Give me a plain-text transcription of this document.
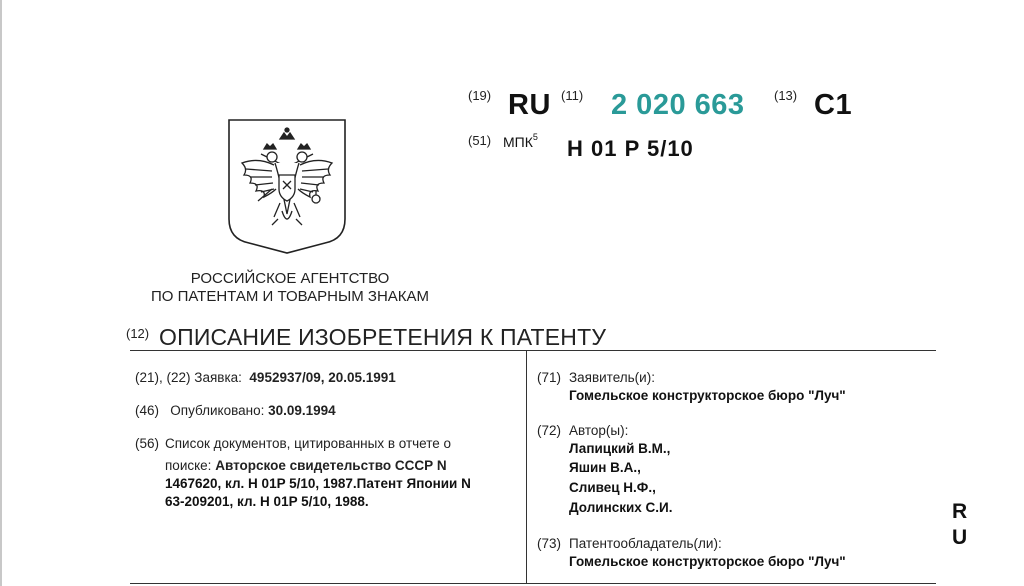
(19) RU (11) 2 020 663 (13) C1
(51) МПК$^5$ H 01 P 5/10
РОССИЙСКОЕ АГЕНТСТВО
ПО ПАТЕНТАМ И ТОВАРНЫМ ЗНАКАМ
(12) ОПИСАНИЕ ИЗОБРЕТЕНИЯ К ПАТЕНТУ
(21), (22) Заявка: 4952937/09, 20.05.1991
(46) Опубликовано: 30.09.1994
(56) Список документов, цитированных в отчете о
поиске: Авторское свидетельство СССР N
1467620, кл. H 01P 5/10, 1987.Патент Японии N
63-209201, кл. H 01P 5/10, 1988.
(71) Заявитель(и):
Гомельское конструкторское бюро "Луч"
(72) Автор(ы):
Лапицкий В.М.,
Яшин В.А.,
Сливец Н.Ф.,
Долинских С.И.
(73) Патентообладатель(ли):
Гомельское конструкторское бюро "Луч"
R
U
